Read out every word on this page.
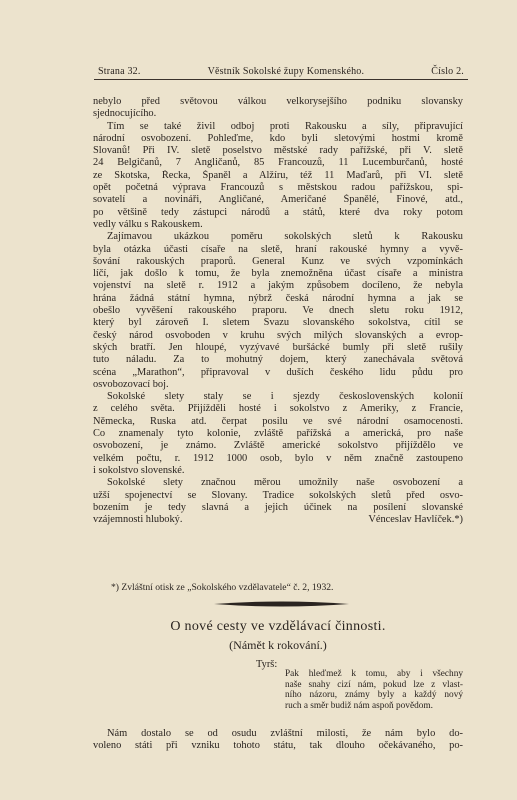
Strana 32.	Věstník Sokolské župy Komenského.	Číslo 2.
nebylo před světovou válkou velkorysejšího podniku slovansky
sjednocujícího.
Tím se také živil odboj proti Rakousku a síly, připravující
národní osvobození. Pohleďme, kdo byli sletovými hostmi kromě
Slovanů! Při IV. sletě poselstvo městské rady pařížské, při V. sletě
24 Belgičanů, 7 Angličanů, 85 Francouzů, 11 Lucemburčanů, hosté
ze Skotska, Řecka, Španěl a Alžíru, též 11 Maďarů, při VI. sletě
opět početná výprava Francouzů s městskou radou pařížskou, spi-
sovatelí a novináři, Angličané, Američané Španělé, Finové, atd.,
po většině tedy zástupci národů a států, které dva roky potom
vedly válku s Rakouskem.
Zajímavou ukázkou poměru sokolských sletů k Rakousku
byla otázka účasti císaře na sletě, hraní rakouské hymny a vyvě-
šování rakouských praporů. General Kunz ve svých vzpomínkách
líčí, jak došlo k tomu, že byla znemožněna účast císaře a ministra
vojenství na sletě r. 1912 a jakým způsobem docíleno, že nebyla
hrána žádná státní hymna, nýbrž česká národní hymna a jak se
obešlo vyvěšení rakouského praporu. Ve dnech sletu roku 1912,
který byl zároveň I. sletem Svazu slovanského sokolstva, cítil se
český národ osvoboden v kruhu svých milých slovanských a evrop-
ských bratří. Jen hloupé, vyzývavé buršácké bumly při sletě rušily
tuto náladu. Za to mohutný dojem, který zanechávala světová
scéna „Marathon“, připravoval v duších českého lidu půdu pro
osvobozovací boj.
Sokolské slety staly se i sjezdy československých kolonií
z celého světa. Přijížděli hosté i sokolstvo z Ameriky, z Francie,
Německa, Ruska atd. čerpat posilu ve své národní osamocenosti.
Co znamenaly tyto kolonie, zvláště pařížská a americká, pro naše
osvobození, je známo. Zvláště americké sokolstvo přijíždělo ve
velkém počtu, r. 1912 1000 osob, bylo v něm značně zastoupeno
i sokolstvo slovenské.
Sokolské slety značnou měrou umožnily naše osvobození a
užší spojenectví se Slovany. Tradice sokolských sletů před osvo-
bozením je tedy slavná a jejich účinek na posílení slovanské
vzájemnosti hluboký.	Vénceslav Havlíček.*)
*) Zvláštní otisk ze „Sokolského vzdělavatele“ č. 2, 1932.
O nové cesty ve vzdělávací činnosti.
(Námět k rokování.)
Tyrš:
Pak hleďmež k tomu, aby i všechny
naše snahy cizí nám, pokud lze z vlast-
ního názoru, známy byly a každý nový
ruch a směr budiž nám aspoň povědom.
Nám dostalo se od osudu zvláštní milosti, že nám bylo do-
voleno státi při vzniku tohoto státu, tak dlouho očekávaného, po-
